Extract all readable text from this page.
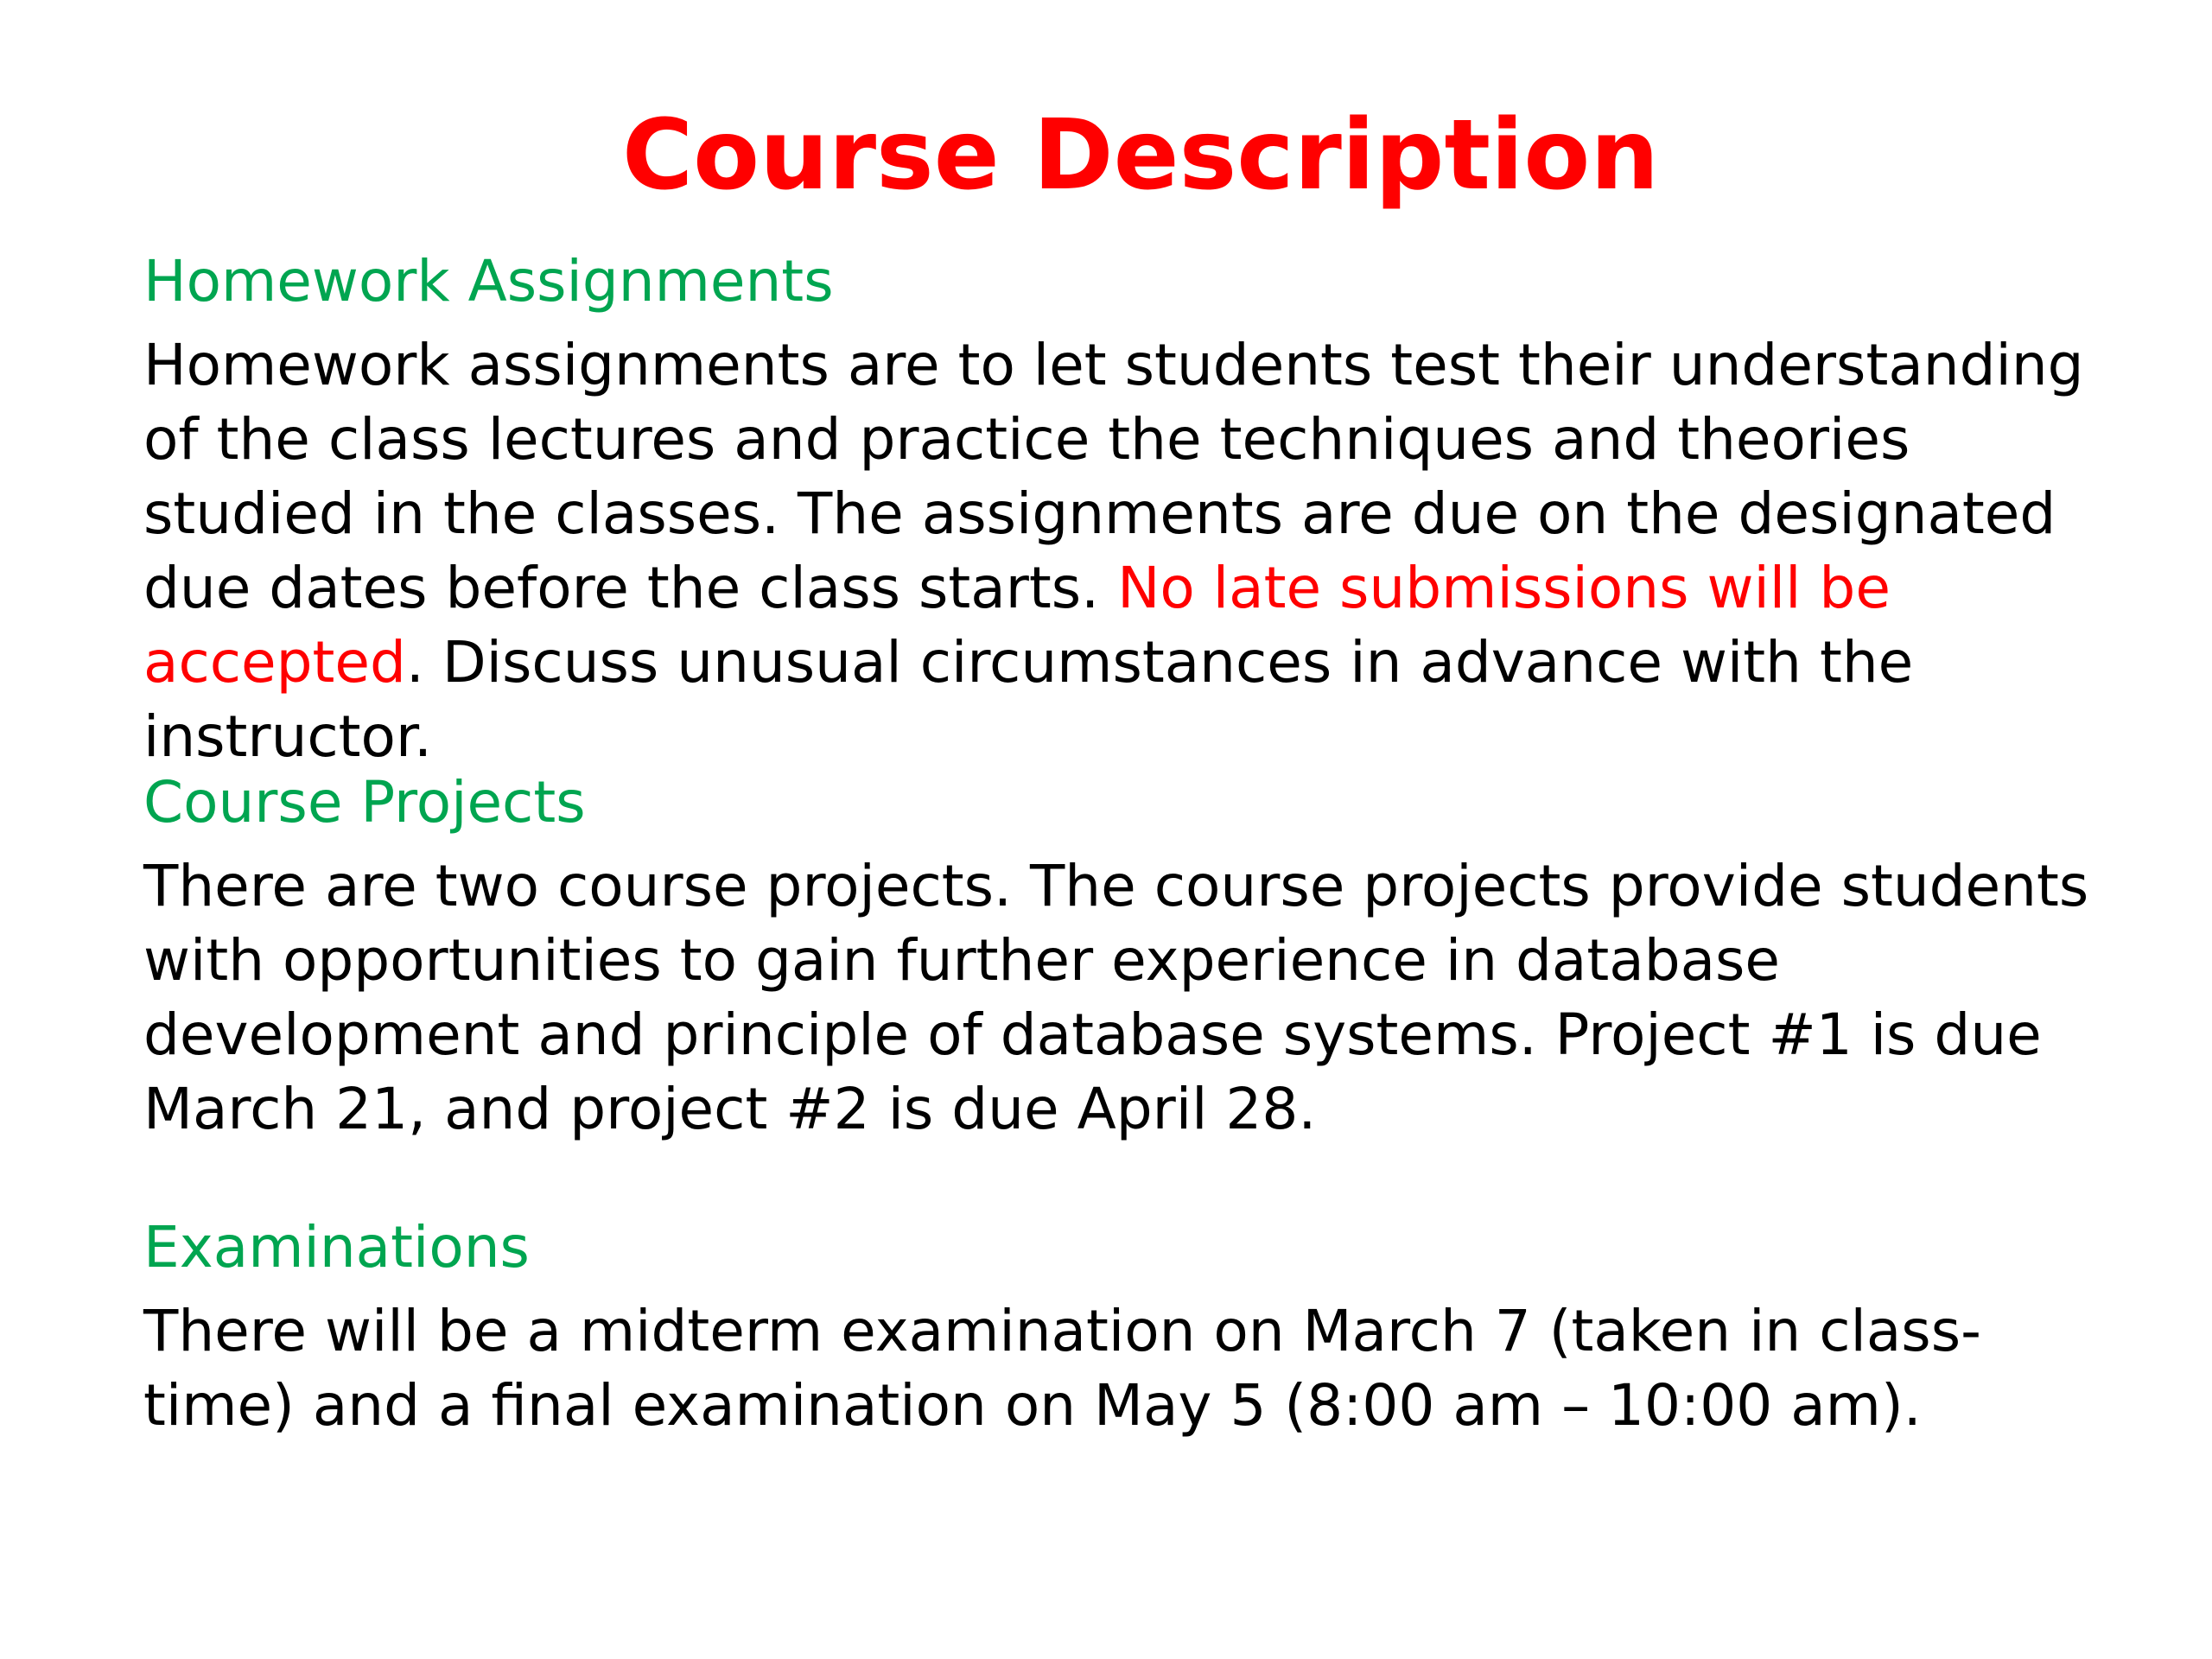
Course Description
Homework Assignments

Homework assignments are to let students test their understanding of the class lectures and practice the techniques and theories studied in the classes. The assignments are due on the designated due dates before the class starts. No late submissions will be accepted. Discuss unusual circumstances in advance with the instructor.

Course Projects

There are two course projects. The course projects provide students with opportunities to gain further experience in database development and principle of database systems. Project #1 is due March 21, and project #2 is due April 28.

Examinations

There will be a midterm examination on March 7 (taken in class-time) and a final examination on May 5 (8:00 am – 10:00 am).
